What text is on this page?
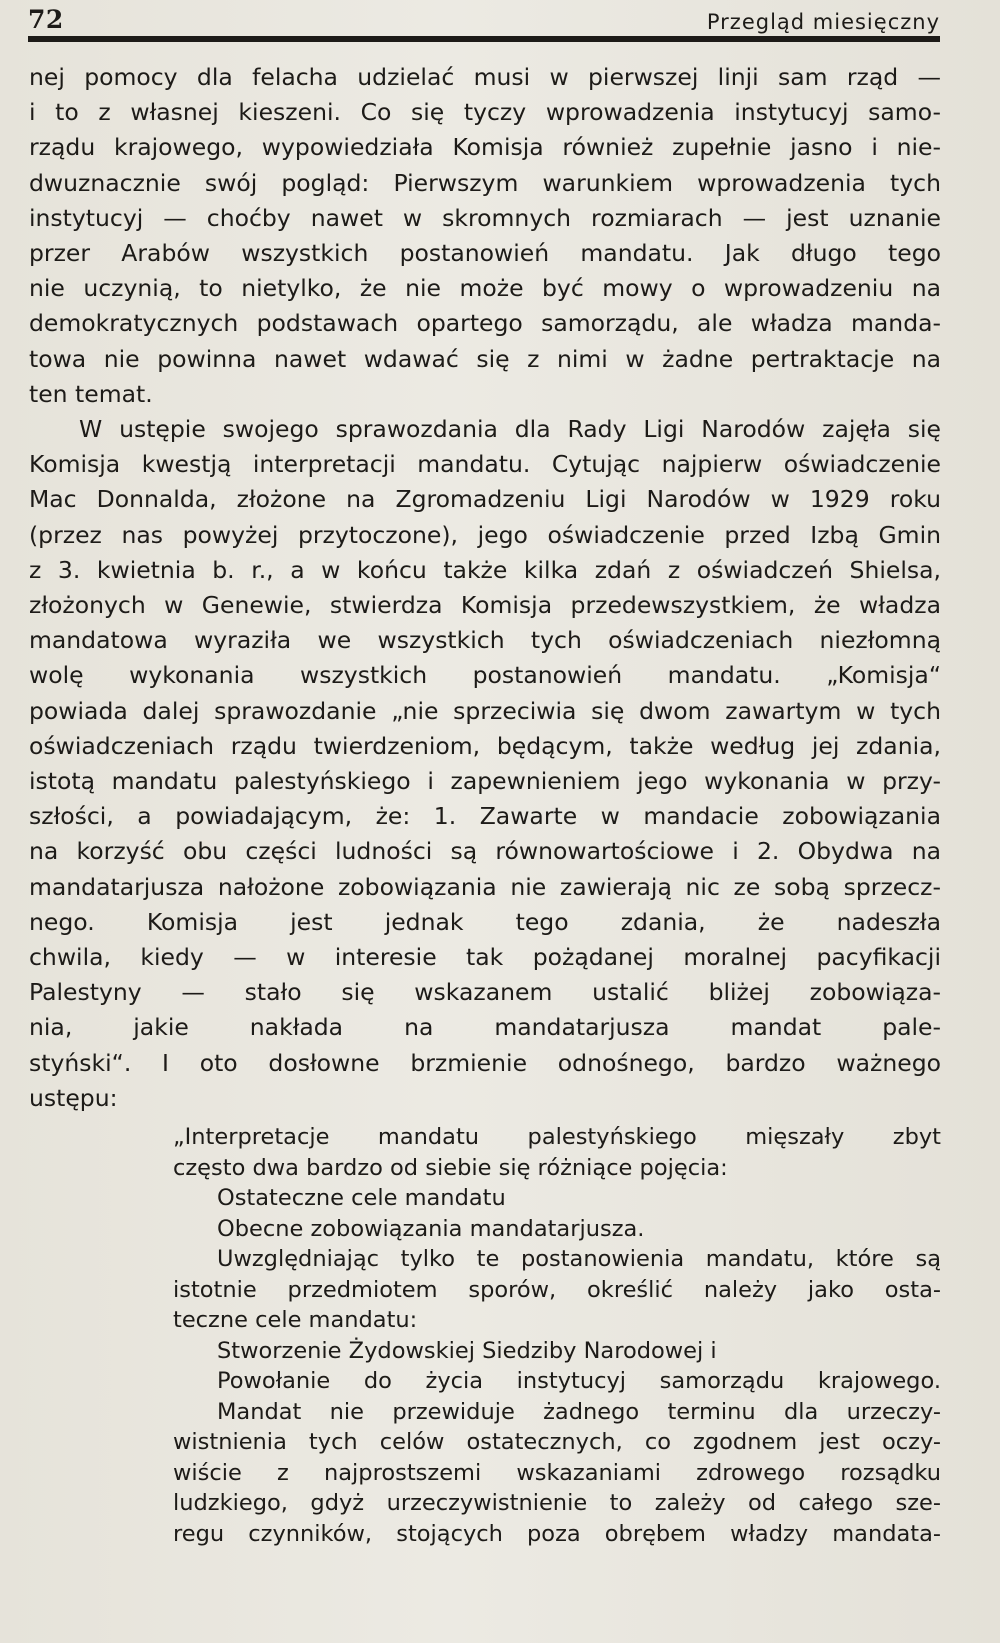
72	Przegląd miesięczny
nej pomocy dla felacha udzielać musi w pierwszej linji sam rząd —
i to z własnej kieszeni. Co się tyczy wprowadzenia instytucyj samo-
rządu krajowego, wypowiedziała Komisja również zupełnie jasno i nie-
dwuznacznie swój pogląd: Pierwszym warunkiem wprowadzenia tych
instytucyj — choćby nawet w skromnych rozmiarach — jest uznanie
przer Arabów wszystkich postanowień mandatu. Jak długo tego
nie uczynią, to nietylko, że nie może być mowy o wprowadzeniu na
demokratycznych podstawach opartego samorządu, ale władza manda-
towa nie powinna nawet wdawać się z nimi w żadne pertraktacje na
ten temat.
W ustępie swojego sprawozdania dla Rady Ligi Narodów zajęła się
Komisja kwestją interpretacji mandatu. Cytując najpierw oświadczenie
Mac Donnalda, złożone na Zgromadzeniu Ligi Narodów w 1929 roku
(przez nas powyżej przytoczone), jego oświadczenie przed Izbą Gmin
z 3. kwietnia b. r., a w końcu także kilka zdań z oświadczeń Shielsa,
złożonych w Genewie, stwierdza Komisja przedewszystkiem, że władza
mandatowa wyraziła we wszystkich tych oświadczeniach niezłomną
wolę wykonania wszystkich postanowień mandatu. „Komisja“
powiada dalej sprawozdanie „nie sprzeciwia się dwom zawartym w tych
oświadczeniach rządu twierdzeniom, będącym, także według jej zdania,
istotą mandatu palestyńskiego i zapewnieniem jego wykonania w przy-
szłości, a powiadającym, że: 1. Zawarte w mandacie zobowiązania
na korzyść obu części ludności są równowartościowe i 2. Obydwa na
mandatarjusza nałożone zobowiązania nie zawierają nic ze sobą sprzecz-
nego. Komisja jest jednak tego zdania, że nadeszła
chwila, kiedy — w interesie tak pożądanej moralnej pacyfikacji
Palestyny — stało się wskazanem ustalić bliżej zobowiąza-
nia, jakie nakłada na mandatarjusza mandat pale-
styński“. I oto dosłowne brzmienie odnośnego, bardzo ważnego
ustępu:
„Interpretacje mandatu palestyńskiego mięszały zbyt
często dwa bardzo od siebie się różniące pojęcia:
Ostateczne cele mandatu
Obecne zobowiązania mandatarjusza.
Uwzględniając tylko te postanowienia mandatu, które są
istotnie przedmiotem sporów, określić należy jako osta-
teczne cele mandatu:
Stworzenie Żydowskiej Siedziby Narodowej i
Powołanie do życia instytucyj samorządu krajowego.
Mandat nie przewiduje żadnego terminu dla urzeczy-
wistnienia tych celów ostatecznych, co zgodnem jest oczy-
wiście z najprostszemi wskazaniami zdrowego rozsądku
ludzkiego, gdyż urzeczywistnienie to zależy od całego sze-
regu czynników, stojących poza obrębem władzy mandata-
